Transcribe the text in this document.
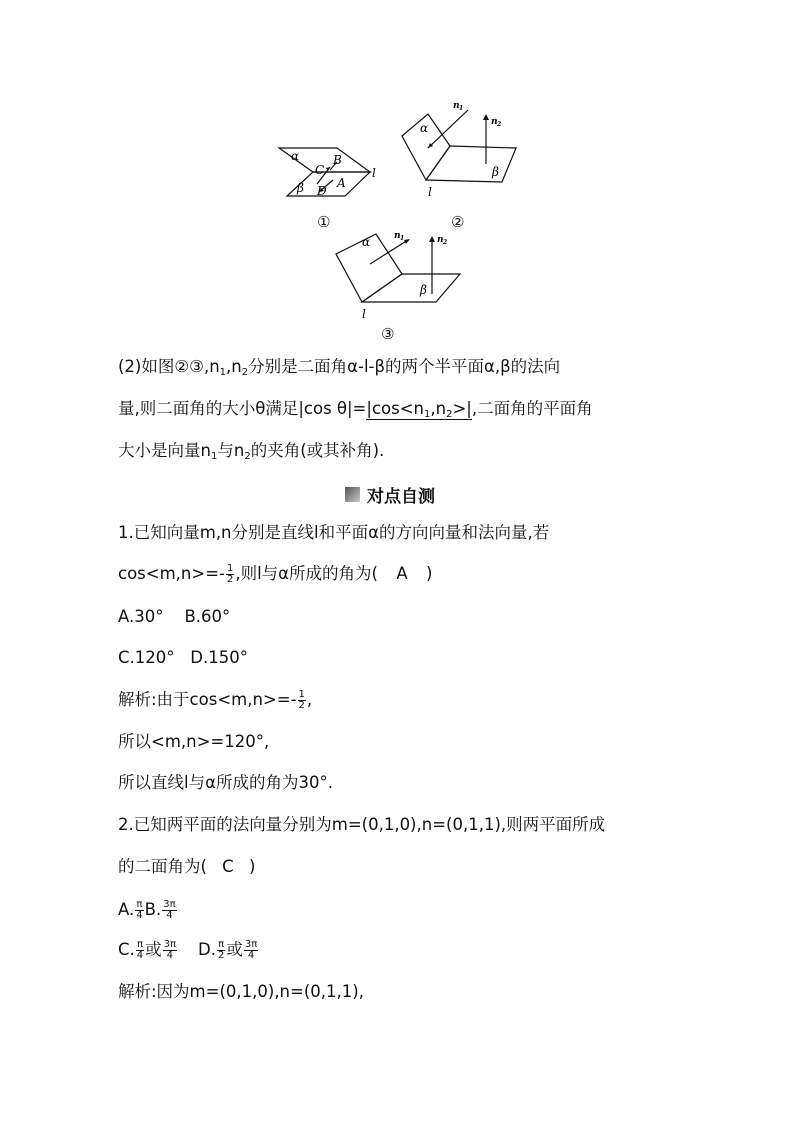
α
C
B
l
β D
A
①
α
n 1
n 2
β
l
②
α	n 1	n 2
β
l
③
(2)如图$②③,n_1,n_2$分别是二面角α-l-β的两个半平面α,β的法向
量,则二面角的大小θ满足|cos $\theta|=|\cos<n_1,n_2>|$,二面角的平面角
大小是向量$n_1$与$n_2$的夹角(或其补角).
对点自测
1.已知向量m,n分别是直线l和平面α的方向向量和法向量,若
$\cos<m,n>=- \frac{1}{2}$ ,则l与α所成的角为( A )
A.30°    B.60°
C.120°   D.150°
解析:由于$\cos<m,n>=- \frac{1}{2}$ ,
所以<m,n>=120°,
所以直线l与α所成的角为30°.
2.已知两平面的法向量分别为m=(0,1,0),n=(0,1,1),则两平面所成
的二面角为( C )
A. $\frac{\pi}{4} B$. $\frac{3\pi}{4}$
C. $\frac{\pi}{4}$ 或 $\frac{3\pi}{4} D$. $\frac{\pi}{2}$ 或 $\frac{3\pi}{4}$
解析:因为m=(0,1,0),n=(0,1,1),
